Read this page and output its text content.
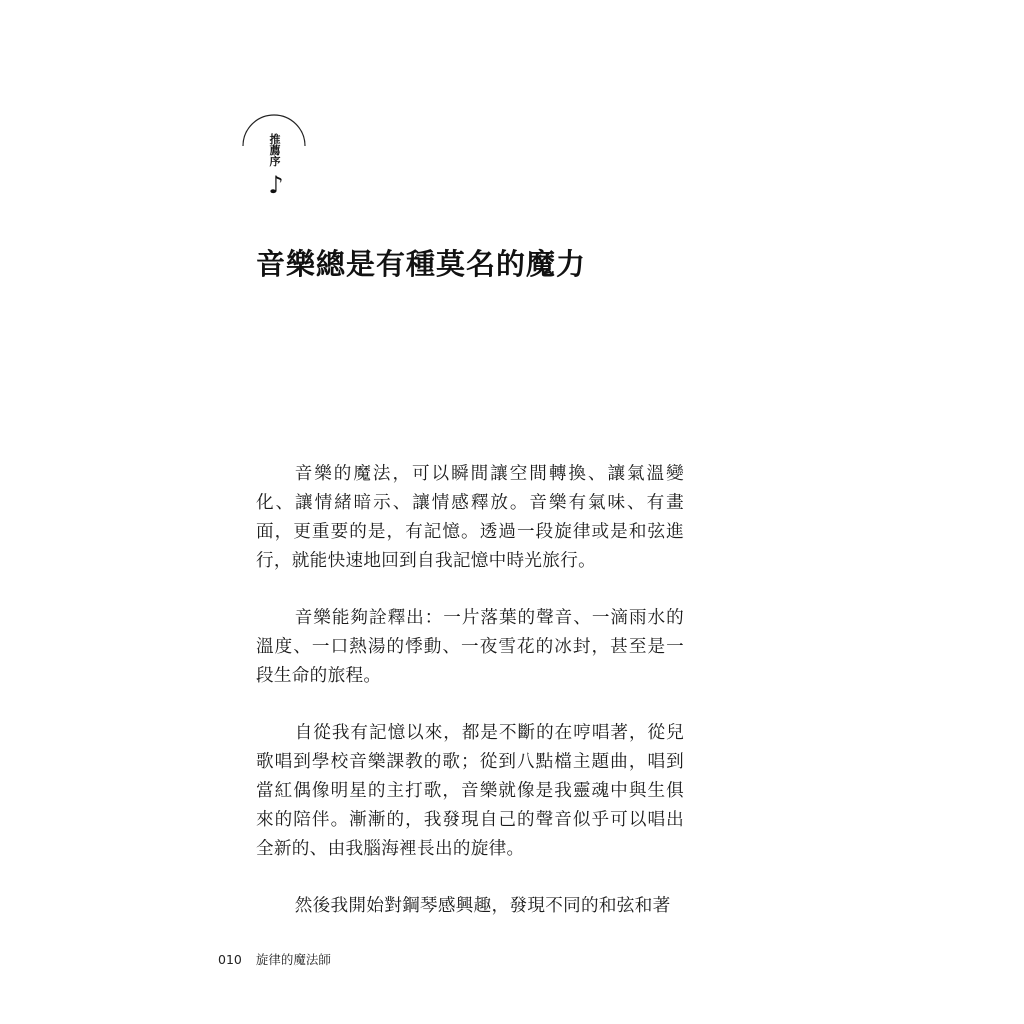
推
薦
序
♪
音樂總是有種莫名的魔力

音樂的魔法，可以瞬間讓空間轉換、讓氣溫變化、讓情緒暗示、讓情感釋放。音樂有氣味、有畫面，更重要的是，有記憶。透過一段旋律或是和弦進行，就能快速地回到自我記憶中時光旅行。

音樂能夠詮釋出：一片落葉的聲音、一滴雨水的溫度、一口熱湯的悸動、一夜雪花的冰封，甚至是一段生命的旅程。

自從我有記憶以來，都是不斷的在哼唱著，從兒歌唱到學校音樂課教的歌；從到八點檔主題曲，唱到當紅偶像明星的主打歌，音樂就像是我靈魂中與生俱來的陪伴。漸漸的，我發現自己的聲音似乎可以唱出全新的、由我腦海裡長出的旋律。

然後我開始對鋼琴感興趣，發現不同的和弦和著

010 旋律的魔法師
